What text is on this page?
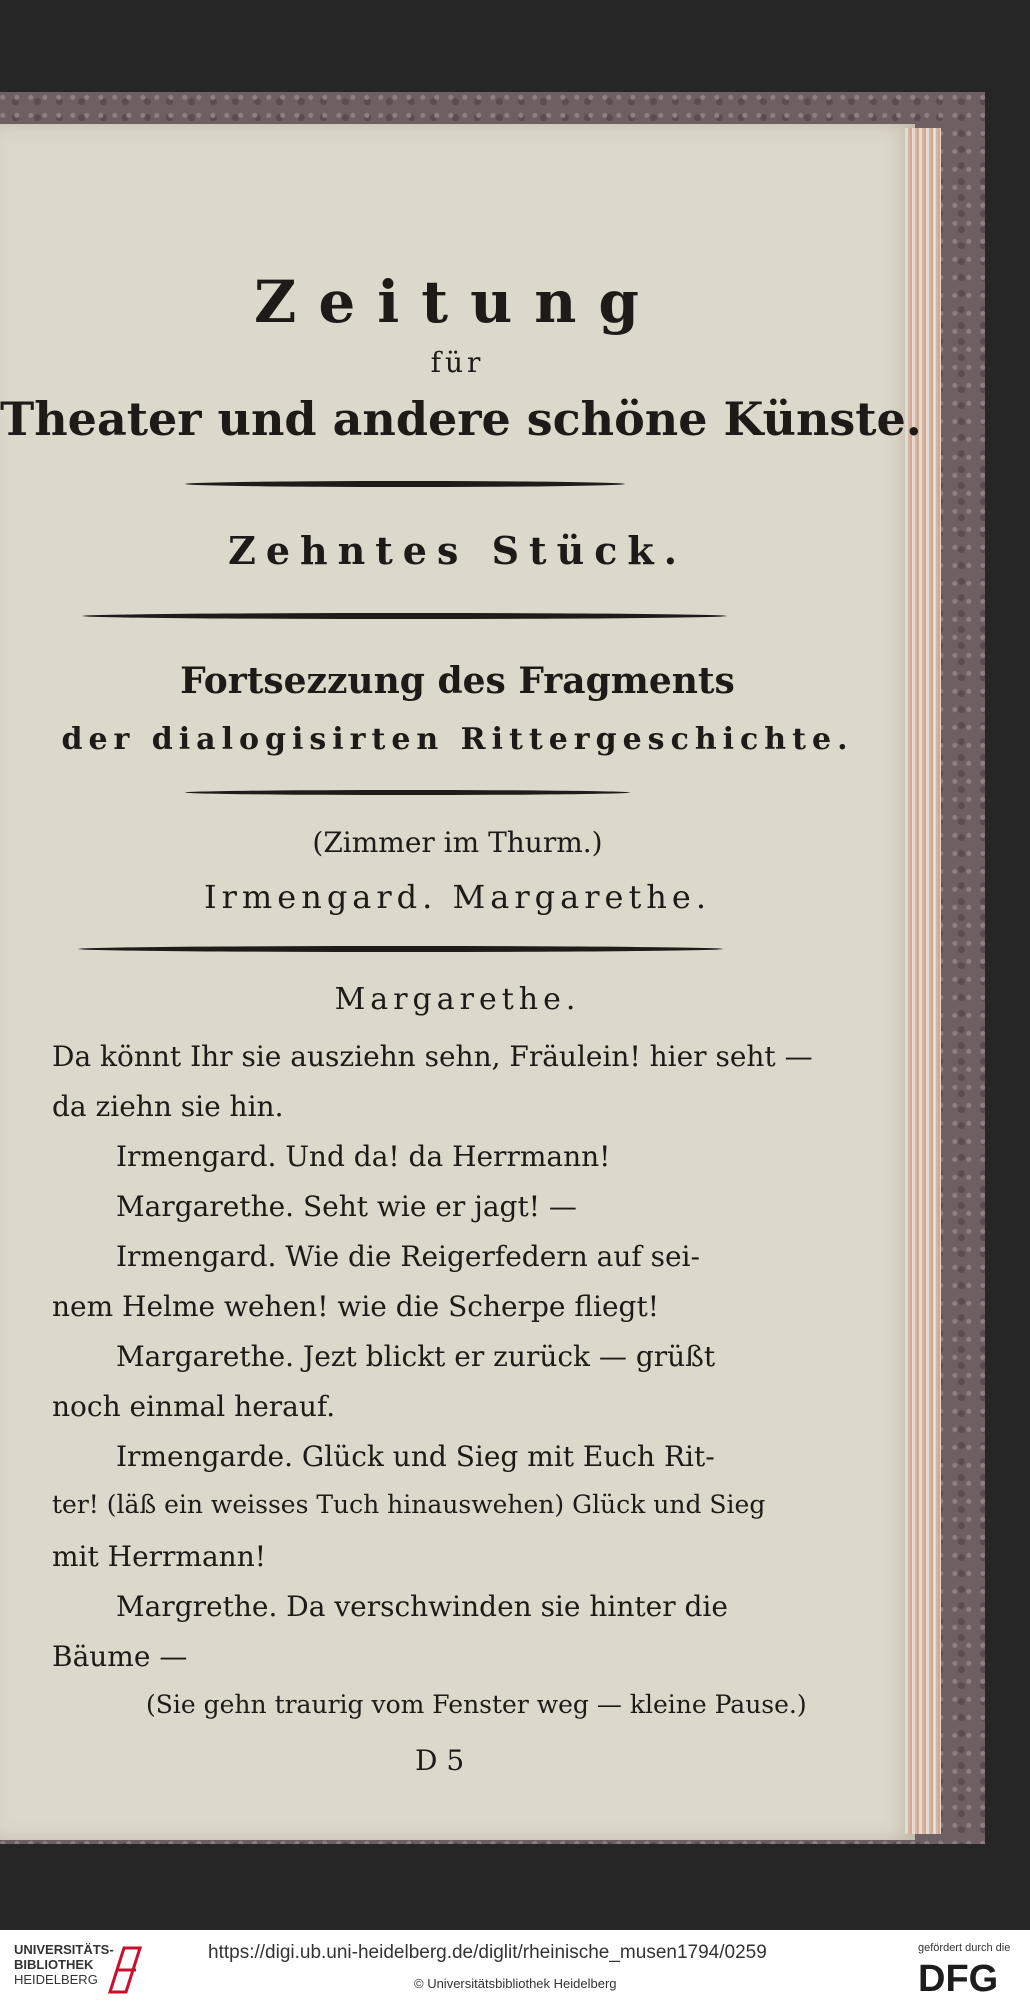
Zeitung
für
Theater und andere schöne Künste.
Zehntes Stück.
Fortsezzung des Fragments
der dialogisirten Rittergeschichte.
(Zimmer im Thurm.)
Irmengard. Margarethe.
Margarethe.
Da könnt Ihr sie ausziehn sehn, Fräulein! hier seht —
da ziehn sie hin.
Irmengard. Und da! da Herrmann!
Margarethe. Seht wie er jagt! —
Irmengard. Wie die Reigerfedern auf sei-
nem Helme wehen! wie die Scherpe fliegt!
Margarethe. Jezt blickt er zurück — grüßt
noch einmal herauf.
Irmengarde. Glück und Sieg mit Euch Rit-
ter! (läß ein weisses Tuch hinauswehen) Glück und Sieg
mit Herrmann!
Margrethe. Da verschwinden sie hinter die
Bäume —
(Sie gehn traurig vom Fenster weg — kleine Pause.)
D 5
UNIVERSITÄTS-
BIBLIOTHEK
HEIDELBERG
https://digi.ub.uni-heidelberg.de/diglit/rheinische_musen1794/0259
© Universitätsbibliothek Heidelberg
gefördert durch die
DFG
